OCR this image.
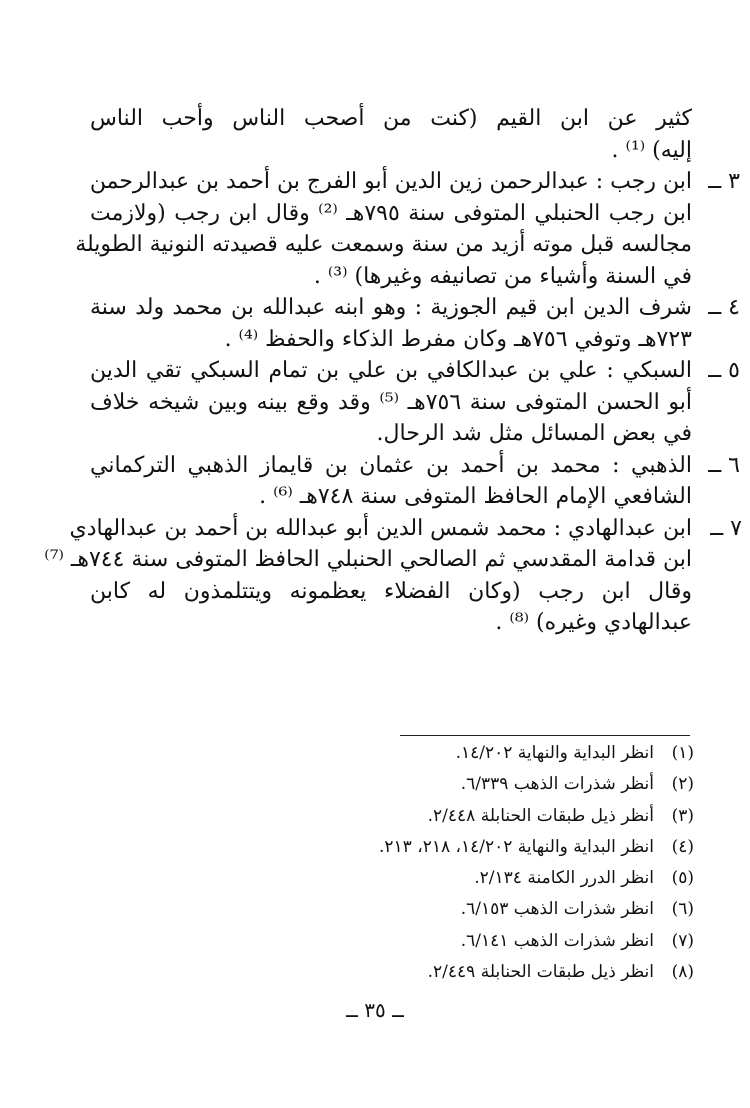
كثير عن ابن القيم (كنت من أصحب الناس وأحب الناس
إليه) ⁽¹⁾ .
٣ ــ
ابن رجب : عبدالرحمن زين الدين أبو الفرج بن أحمد بن عبدالرحمن
ابن رجب الحنبلي المتوفى سنة ٧٩٥هـ ⁽²⁾ وقال ابن رجب (ولازمت
مجالسه قبل موته أزيد من سنة وسمعت عليه قصيدته النونية الطويلة
في السنة وأشياء من تصانيفه وغيرها) ⁽³⁾ .
٤ ــ
شرف الدين ابن قيم الجوزية : وهو ابنه عبدالله بن محمد ولد سنة
٧٢٣هـ وتوفي ٧٥٦هـ وكان مفرط الذكاء والحفظ ⁽⁴⁾ .
٥ ــ
السبكي : علي بن عبدالكافي بن علي بن تمام السبكي تقي الدين
أبو الحسن المتوفى سنة ٧٥٦هـ ⁽⁵⁾ وقد وقع بينه وبين شيخه خلاف
في بعض المسائل مثل شد الرحال.
٦ ــ
الذهبي : محمد بن أحمد بن عثمان بن قايماز الذهبي التركماني
الشافعي الإمام الحافظ المتوفى سنة ٧٤٨هـ ⁽⁶⁾ .
٧ ــ
ابن عبدالهادي : محمد شمس الدين أبو عبدالله بن أحمد بن عبدالهادي
ابن قدامة المقدسي ثم الصالحي الحنبلي الحافظ المتوفى سنة ٧٤٤هـ ⁽⁷⁾
وقال ابن رجب (وكان الفضلاء يعظمونه ويتتلمذون له كابن
عبدالهادي وغيره) ⁽⁸⁾ .
(١)
انظر البداية والنهاية ١٤/٢٠٢.
(٢)
أنظر شذرات الذهب ٦/٣٣٩.
(٣)
أنظر ذيل طبقات الحنابلة ٢/٤٤٨.
(٤)
انظر البداية والنهاية ١٤/٢٠٢، ٢١٨، ٢١٣.
(٥)
انظر الدرر الكامنة ٢/١٣٤.
(٦)
انظر شذرات الذهب ٦/١٥٣.
(٧)
انظر شذرات الذهب ٦/١٤١.
(٨)
انظر ذيل طبقات الحنابلة ٢/٤٤٩.
ــ ٣٥ ــ
